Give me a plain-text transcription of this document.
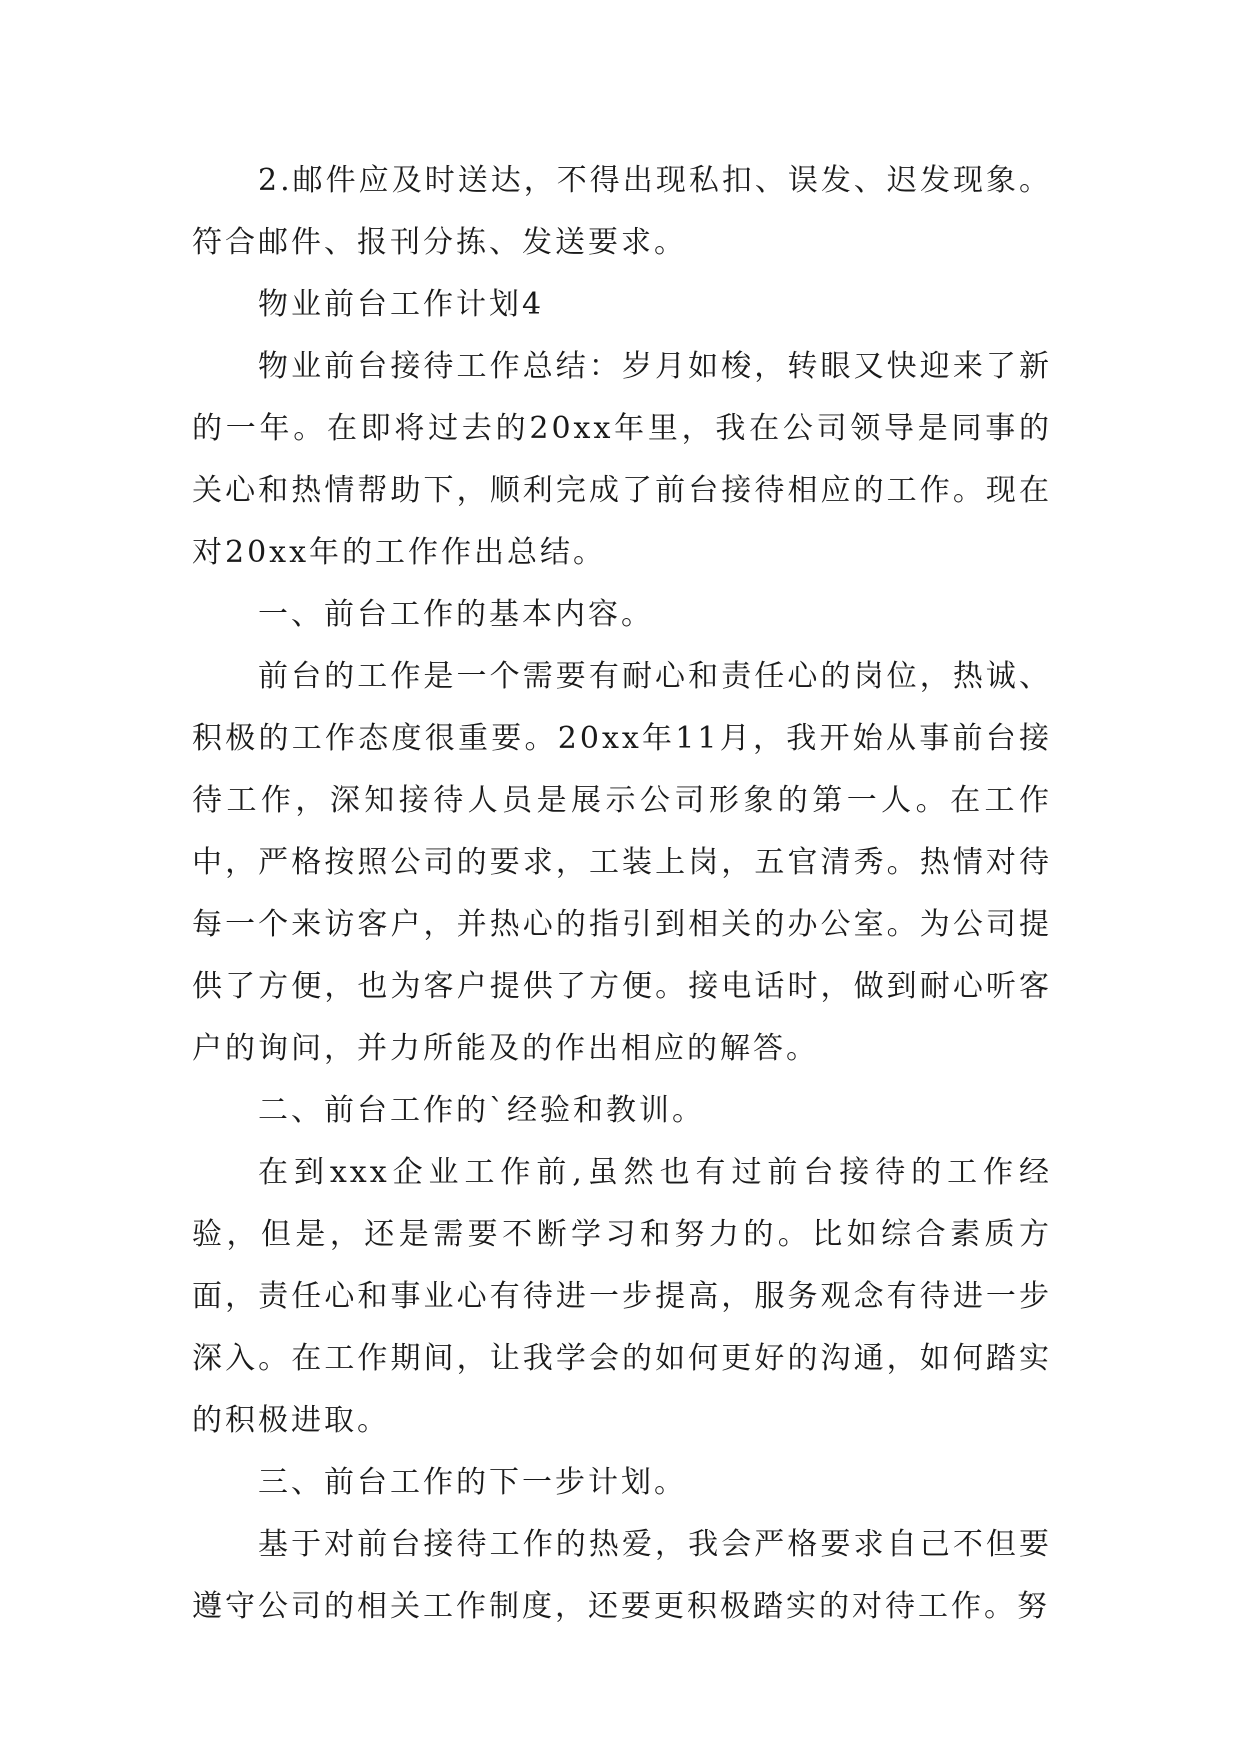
2.邮件应及时送达，不得出现私扣、误发、迟发现象。符合邮件、报刊分拣、发送要求。

物业前台工作计划4

物业前台接待工作总结：岁月如梭，转眼又快迎来了新的一年。在即将过去的20xx年里，我在公司领导是同事的关心和热情帮助下，顺利完成了前台接待相应的工作。现在对20xx年的工作作出总结。

一、前台工作的基本内容。

前台的工作是一个需要有耐心和责任心的岗位，热诚、积极的工作态度很重要。20xx年11月，我开始从事前台接待工作，深知接待人员是展示公司形象的第一人。在工作中，严格按照公司的要求，工装上岗，五官清秀。热情对待每一个来访客户，并热心的指引到相关的办公室。为公司提供了方便，也为客户提供了方便。接电话时，做到耐心听客户的询问，并力所能及的作出相应的解答。

二、前台工作的`经验和教训。

在到xxx企业工作前,虽然也有过前台接待的工作经验，但是，还是需要不断学习和努力的。比如综合素质方面，责任心和事业心有待进一步提高，服务观念有待进一步深入。在工作期间，让我学会的如何更好的沟通，如何踏实的积极进取。

三、前台工作的下一步计划。

基于对前台接待工作的热爱，我会严格要求自己不但要遵守公司的相关工作制度，还要更积极踏实的对待工作。努
